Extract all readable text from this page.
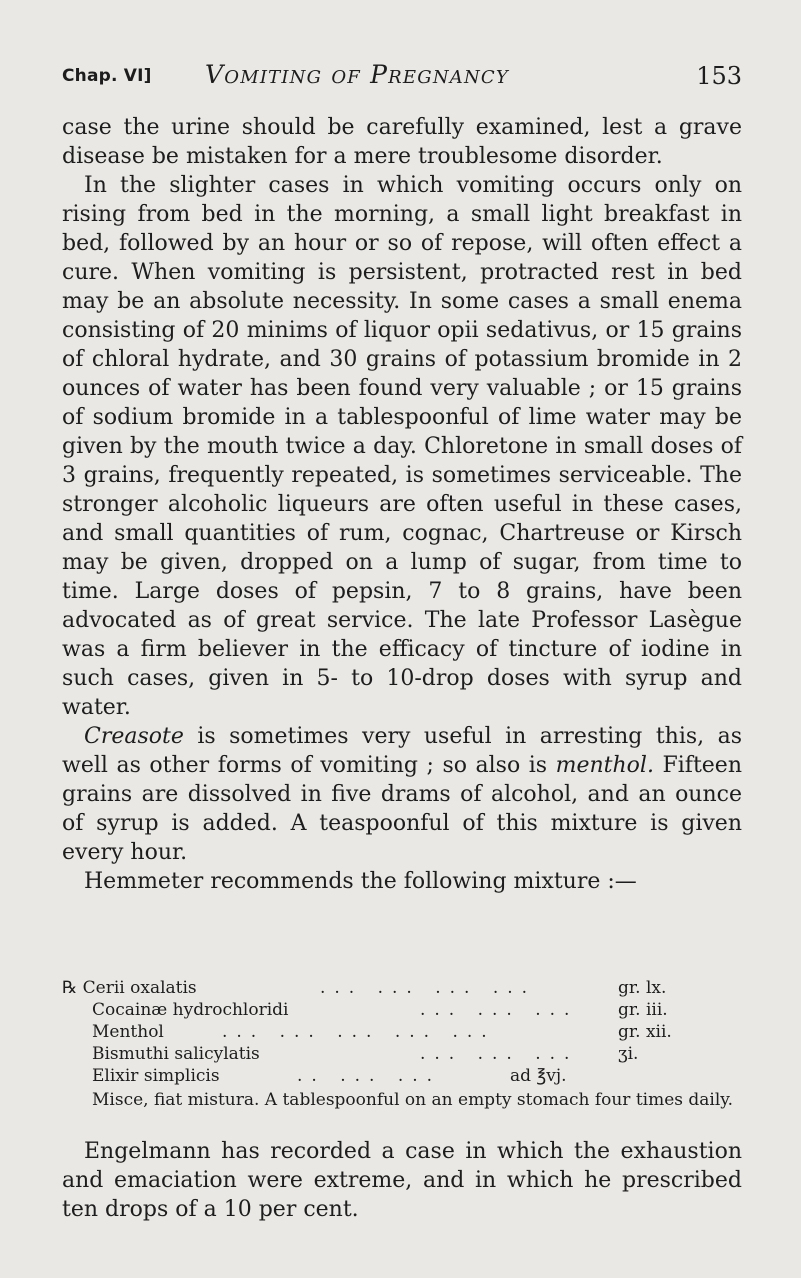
Chap. VI] Vomiting of Pregnancy	153

case the urine should be carefully examined, lest a grave disease be mistaken for a mere troublesome disorder.

In the slighter cases in which vomiting occurs only on rising from bed in the morning, a small light breakfast in bed, followed by an hour or so of repose, will often effect a cure. When vomiting is persistent, protracted rest in bed may be an absolute necessity. In some cases a small enema consisting of 20 minims of liquor opii sedativus, or 15 grains of chloral hydrate, and 30 grains of potassium bromide in 2 ounces of water has been found very valuable ; or 15 grains of sodium bromide in a tablespoonful of lime water may be given by the mouth twice a day. Chloretone in small doses of 3 grains, frequently repeated, is sometimes serviceable. The stronger alcoholic liqueurs are often useful in these cases, and small quantities of rum, cognac, Chartreuse or Kirsch may be given, dropped on a lump of sugar, from time to time. Large doses of pepsin, 7 to 8 grains, have been advocated as of great service. The late Professor Lasègue was a firm believer in the efficacy of tincture of iodine in such cases, given in 5- to 10-drop doses with syrup and water.

Creasote is sometimes very useful in arresting this, as well as other forms of vomiting ; so also is menthol. Fifteen grains are dissolved in five drams of alcohol, and an ounce of syrup is added. A teaspoonful of this mixture is given every hour.

Hemmeter recommends the following mixture :—

℞ Cerii oxalatis	... ... ... ...	gr. lx.
Cocainæ hydrochloridi	... ... ... gr. iii.
Menthol	... ... ... ... ...	gr. xii.
Bismuthi salicylatis	... ... ... ʒi.
Elixir simplicis	.. ... ...	ad ℥vj.
Misce, fiat mistura. A tablespoonful on an empty stomach four times daily.

Engelmann has recorded a case in which the exhaustion and emaciation were extreme, and in which he prescribed ten drops of a 10 per cent.
